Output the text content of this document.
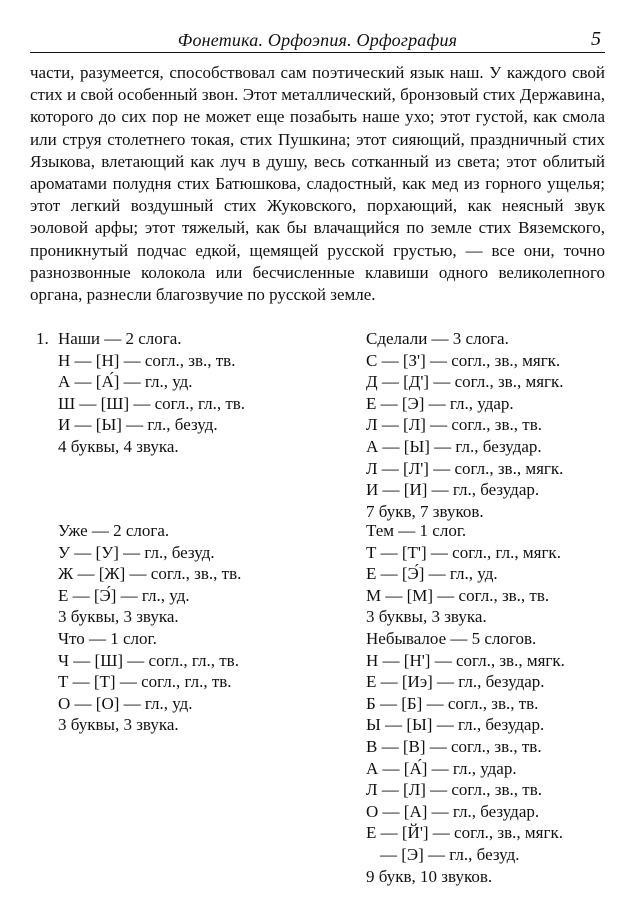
Фонетика. Орфоэпия. Орфография	5

части, разумеется, способствовал сам поэтический язык наш. У каждого свой стих и свой особенный звон. Этот металлический, бронзовый стих Державина, которого до сих пор не может еще позабыть наше ухо; этот густой, как смола или струя столетнего токая, стих Пушкина; этот сияющий, праздничный стих Языкова, влетающий как луч в душу, весь сотканный из света; этот облитый ароматами полудня стих Батюшкова, сладостный, как мед из горного ущелья; этот легкий воздушный стих Жуковского, порхающий, как неясный звук эоловой арфы; этот тяжелый, как бы влачащийся по земле стих Вяземского, проникнутый подчас едкой, щемящей русской грустью, — все они, точно разнозвонные колокола или бесчисленные клавиши одного великолепного органа, разнесли благозвучие по русской земле.

1. Наши — 2 слога.
Н — [Н] — согл., зв., тв.
А — [А́] — гл., уд.
Ш — [Ш] — согл., гл., тв.
И — [Ы] — гл., безуд.
4 буквы, 4 звука.
Уже — 2 слога.
У — [У] — гл., безуд.
Ж — [Ж] — согл., зв., тв.
Е — [Э́] — гл., уд.
3 буквы, 3 звука.
Что — 1 слог.
Ч — [Ш] — согл., гл., тв.
Т — [Т] — согл., гл., тв.
О — [О] — гл., уд.
3 буквы, 3 звука.
Сделали — 3 слога.
С — [З'] — согл., зв., мягк.
Д — [Д'] — согл., зв., мягк.
Е — [Э] — гл., удар.
Л — [Л] — согл., зв., тв.
А — [Ы] — гл., безудар.
Л — [Л'] — согл., зв., мягк.
И — [И] — гл., безудар.
7 букв, 7 звуков.
Тем — 1 слог.
Т — [Т'] — согл., гл., мягк.
Е — [Э́] — гл., уд.
М — [М] — согл., зв., тв.
3 буквы, 3 звука.
Небывалое — 5 слогов.
Н — [Н'] — согл., зв., мягк.
Е — [Иэ] — гл., безудар.
Б — [Б] — согл., зв., тв.
Ы — [Ы] — гл., безудар.
В — [В] — согл., зв., тв.
А — [А́] — гл., удар.
Л — [Л] — согл., зв., тв.
О — [А] — гл., безудар.
Е — [Й'] — согл., зв., мягк.
— [Э] — гл., безуд.
9 букв, 10 звуков.
